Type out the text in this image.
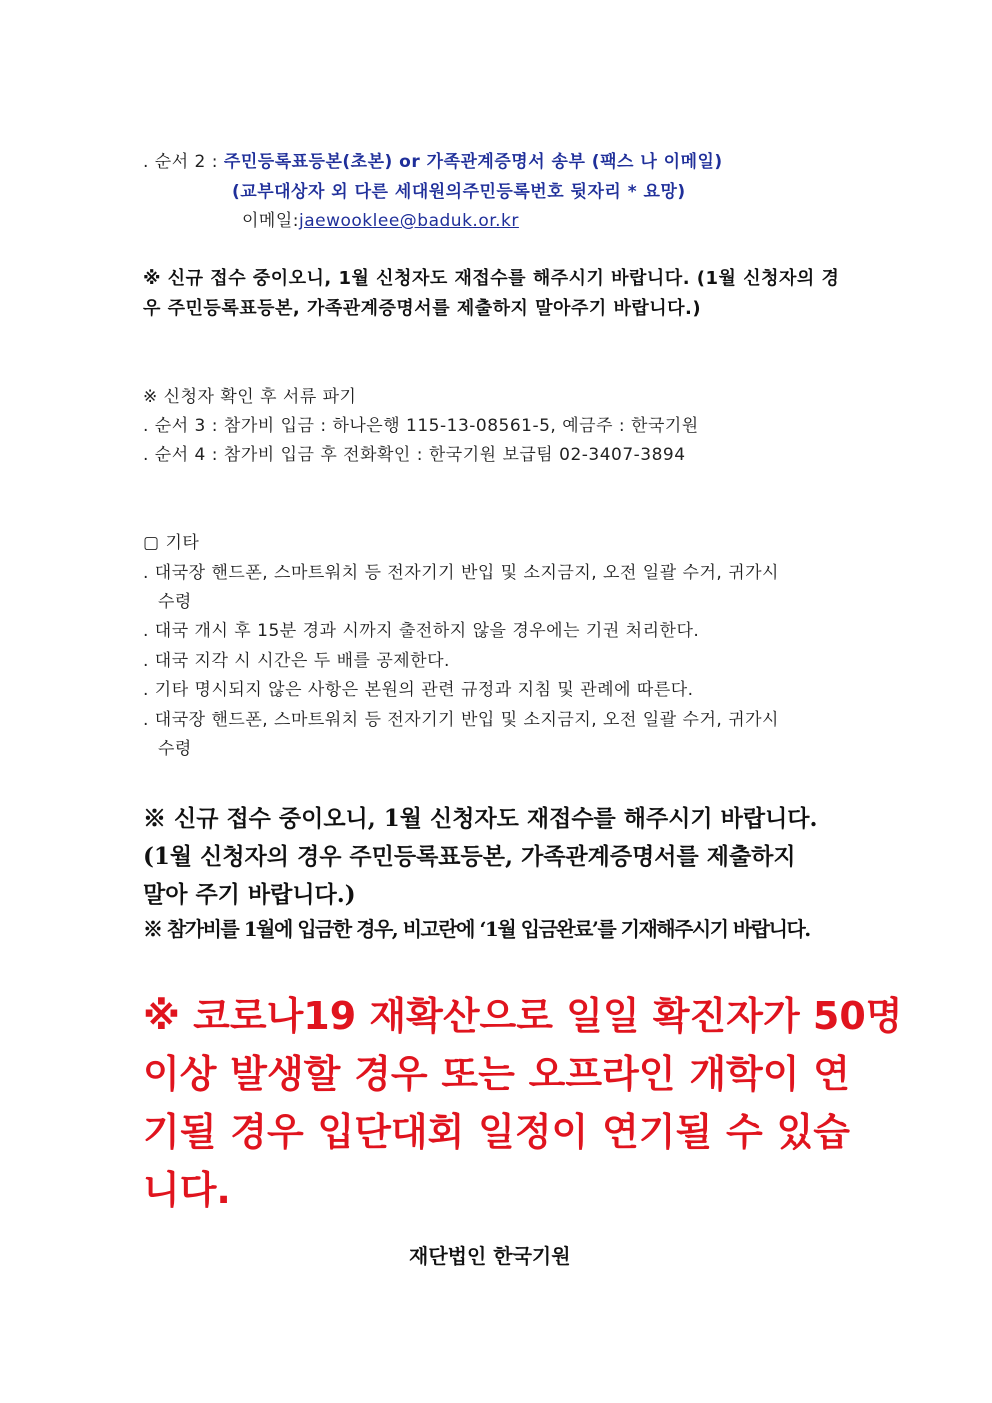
. 순서 2 : 주민등록표등본(초본) or 가족관계증명서 송부 (팩스 나 이메일)
(교부대상자 외 다른 세대원의주민등록번호 뒷자리 * 요망)
이메일:jaewooklee@baduk.or.kr
※ 신규 접수 중이오니, 1월 신청자도 재접수를 해주시기 바랍니다. (1월 신청자의 경
우 주민등록표등본, 가족관계증명서를 제출하지 말아주기 바랍니다.)
※ 신청자 확인 후 서류 파기
. 순서 3 : 참가비 입금 : 하나은행 115-13-08561-5, 예금주 : 한국기원
. 순서 4 : 참가비 입금 후 전화확인 : 한국기원 보급팀 02-3407-3894
▢ 기타
. 대국장 핸드폰, 스마트워치 등 전자기기 반입 및 소지금지, 오전 일괄 수거, 귀가시
수령
. 대국 개시 후 15분 경과 시까지 출전하지 않을 경우에는 기권 처리한다.
. 대국 지각 시 시간은 두 배를 공제한다.
. 기타 명시되지 않은 사항은 본원의 관련 규정과 지침 및 관례에 따른다.
. 대국장 핸드폰, 스마트워치 등 전자기기 반입 및 소지금지, 오전 일괄 수거, 귀가시
수령
※ 신규 접수 중이오니, 1월 신청자도 재접수를 해주시기 바랍니다.
(1월 신청자의 경우 주민등록표등본, 가족관계증명서를 제출하지
말아 주기 바랍니다.)
※ 참가비를 1월에 입금한 경우, 비고란에 ‘1월 입금완료’를 기재해주시기 바랍니다.
※ 코로나19 재확산으로 일일 확진자가 50명
이상 발생할 경우 또는 오프라인 개학이 연
기될 경우 입단대회 일정이 연기될 수 있습
니다.
재단법인 한국기원
